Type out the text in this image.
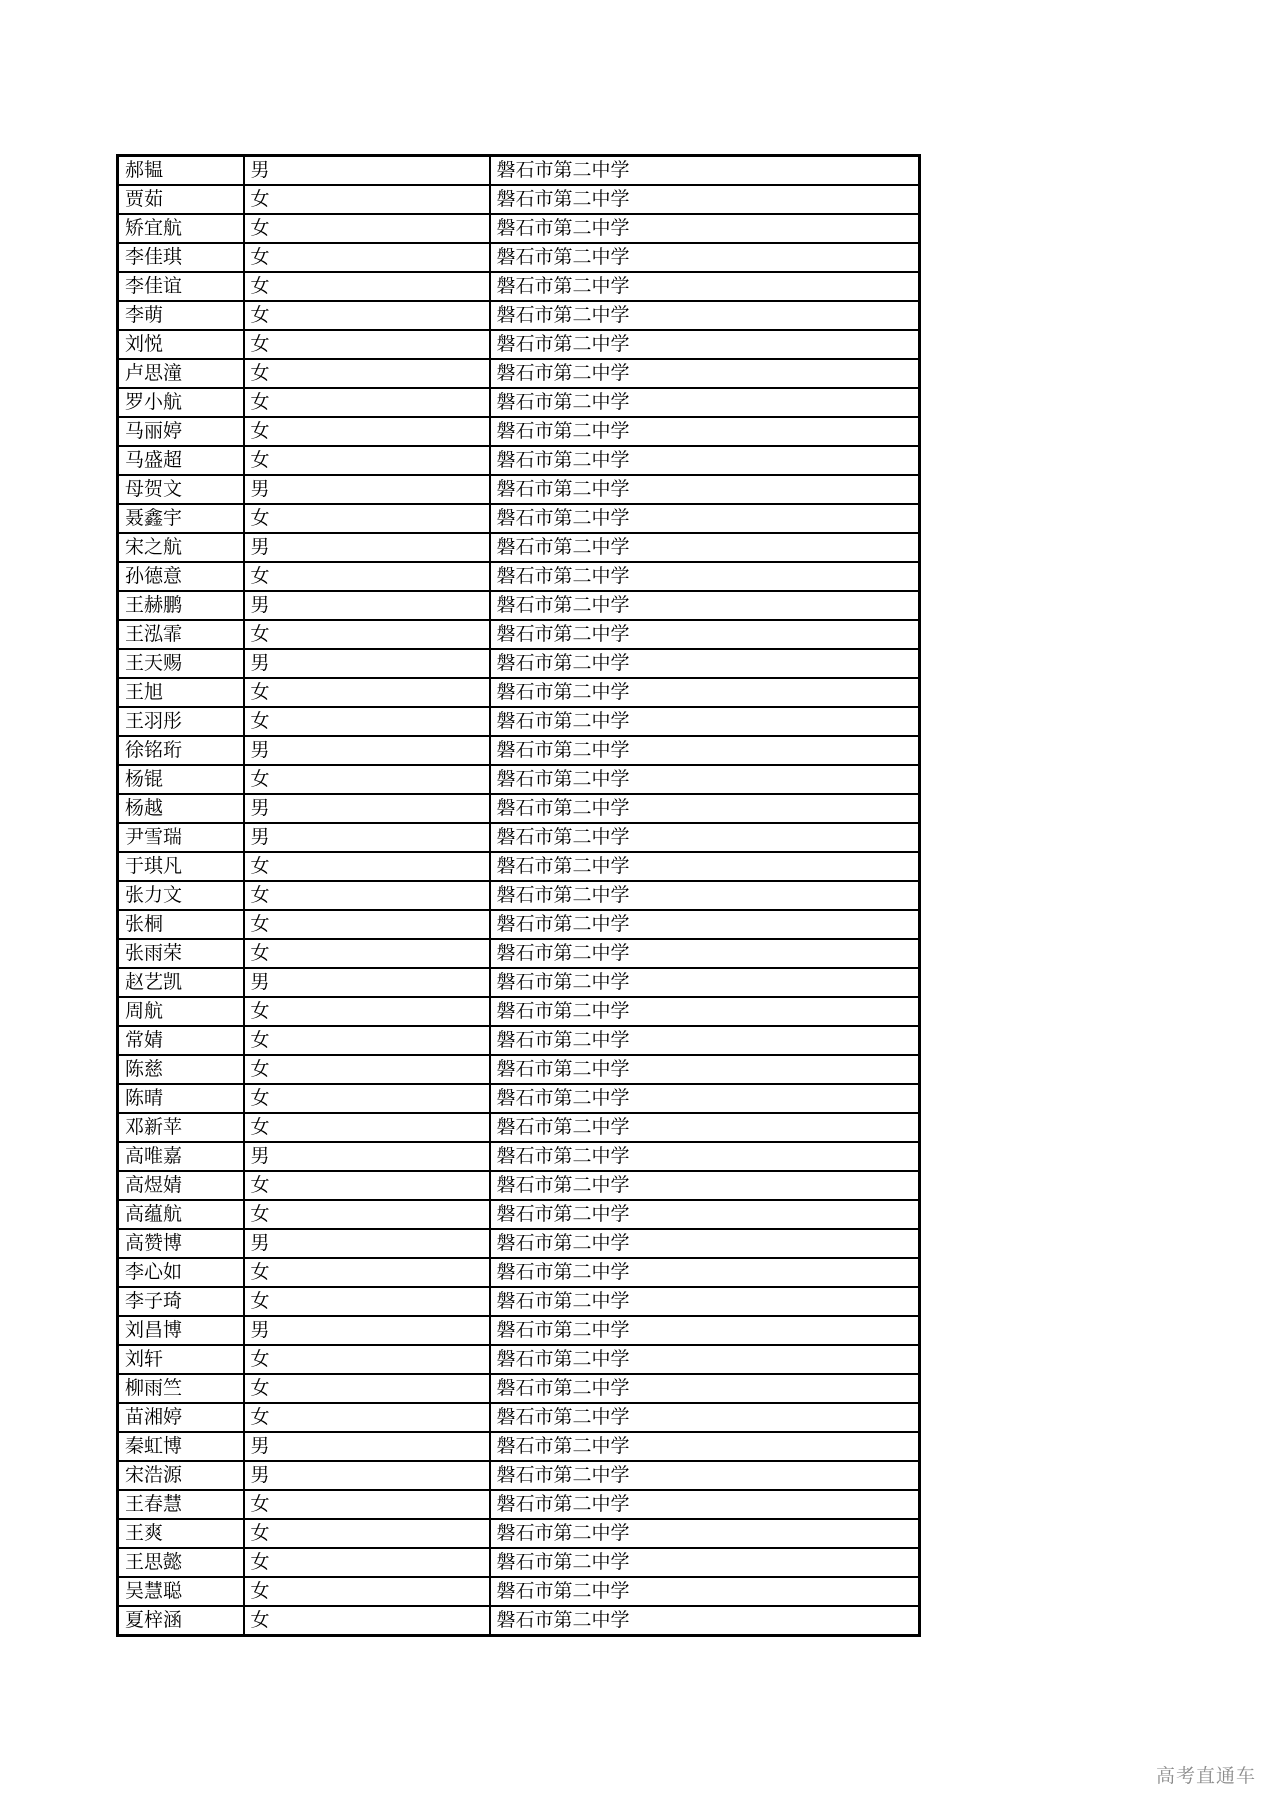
郝韫	男	磐石市第二中学
贾茹	女	磐石市第二中学
矫宜航	女	磐石市第二中学
李佳琪	女	磐石市第二中学
李佳谊	女	磐石市第二中学
李萌	女	磐石市第二中学
刘悦	女	磐石市第二中学
卢思潼	女	磐石市第二中学
罗小航	女	磐石市第二中学
马丽婷	女	磐石市第二中学
马盛超	女	磐石市第二中学
母贺文	男	磐石市第二中学
聂鑫宇	女	磐石市第二中学
宋之航	男	磐石市第二中学
孙德意	女	磐石市第二中学
王赫鹏	男	磐石市第二中学
王泓霏	女	磐石市第二中学
王天赐	男	磐石市第二中学
王旭	女	磐石市第二中学
王羽彤	女	磐石市第二中学
徐铭珩	男	磐石市第二中学
杨锟	女	磐石市第二中学
杨越	男	磐石市第二中学
尹雪瑞	男	磐石市第二中学
于琪凡	女	磐石市第二中学
张力文	女	磐石市第二中学
张桐	女	磐石市第二中学
张雨荣	女	磐石市第二中学
赵艺凯	男	磐石市第二中学
周航	女	磐石市第二中学
常婧	女	磐石市第二中学
陈慈	女	磐石市第二中学
陈晴	女	磐石市第二中学
邓新苹	女	磐石市第二中学
高唯嘉	男	磐石市第二中学
高煜婧	女	磐石市第二中学
高蕴航	女	磐石市第二中学
高赞博	男	磐石市第二中学
李心如	女	磐石市第二中学
李子琦	女	磐石市第二中学
刘昌博	男	磐石市第二中学
刘轩	女	磐石市第二中学
柳雨竺	女	磐石市第二中学
苗湘婷	女	磐石市第二中学
秦虹博	男	磐石市第二中学
宋浩源	男	磐石市第二中学
王春慧	女	磐石市第二中学
王爽	女	磐石市第二中学
王思懿	女	磐石市第二中学
吴慧聪	女	磐石市第二中学
夏梓涵	女	磐石市第二中学
高考直通车
